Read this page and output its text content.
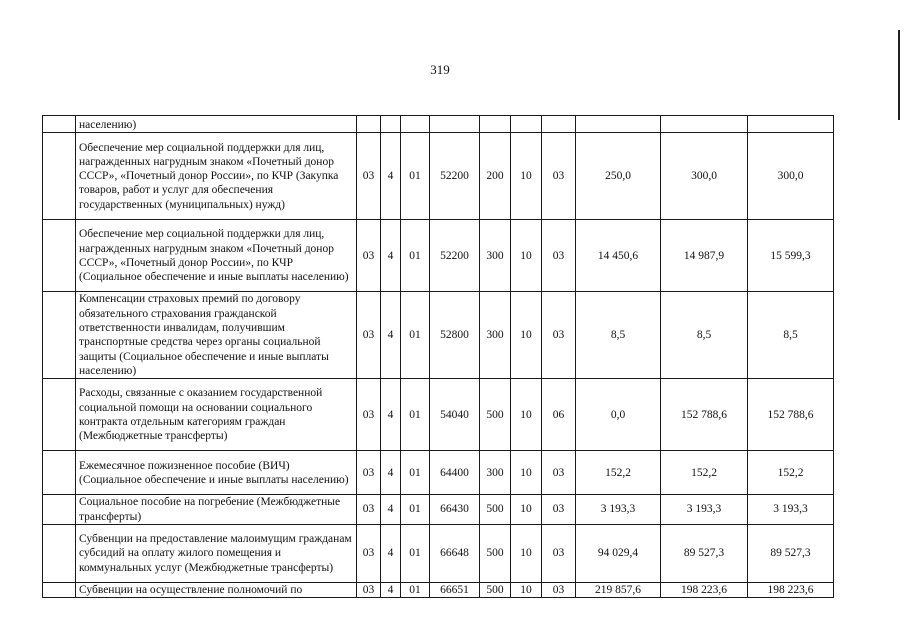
319
	населению)										
	Обеспечение мер социальной поддержки для лиц, награжденных нагрудным знаком «Почетный донор СССР», «Почетный донор России», по КЧР (Закупка товаров, работ и услуг для обеспечения государственных (муниципальных) нужд)	03	4	01	52200	200	10	03	250,0	300,0	300,0
	Обеспечение мер социальной поддержки для лиц, награжденных нагрудным знаком «Почетный донор СССР», «Почетный донор России», по КЧР (Социальное обеспечение и иные выплаты населению)	03	4	01	52200	300	10	03	14 450,6	14 987,9	15 599,3
	Компенсации страховых премий по договору обязательного страхования гражданской ответственности инвалидам, получившим транспортные средства через органы социальной защиты (Социальное обеспечение и иные выплаты населению)	03	4	01	52800	300	10	03	8,5	8,5	8,5
	Расходы, связанные с оказанием государственной социальной помощи на основании социального контракта отдельным категориям граждан (Межбюджетные трансферты)	03	4	01	54040	500	10	06	0,0	152 788,6	152 788,6
	Ежемесячное пожизненное пособие (ВИЧ) (Социальное обеспечение и иные выплаты населению)	03	4	01	64400	300	10	03	152,2	152,2	152,2
	Социальное пособие на погребение (Межбюджетные трансферты)	03	4	01	66430	500	10	03	3 193,3	3 193,3	3 193,3
	Субвенции на предоставление малоимущим гражданам субсидий на оплату жилого помещения и коммунальных услуг (Межбюджетные трансферты)	03	4	01	66648	500	10	03	94 029,4	89 527,3	89 527,3
	Субвенции на осуществление полномочий по	03	4	01	66651	500	10	03	219 857,6	198 223,6	198 223,6
